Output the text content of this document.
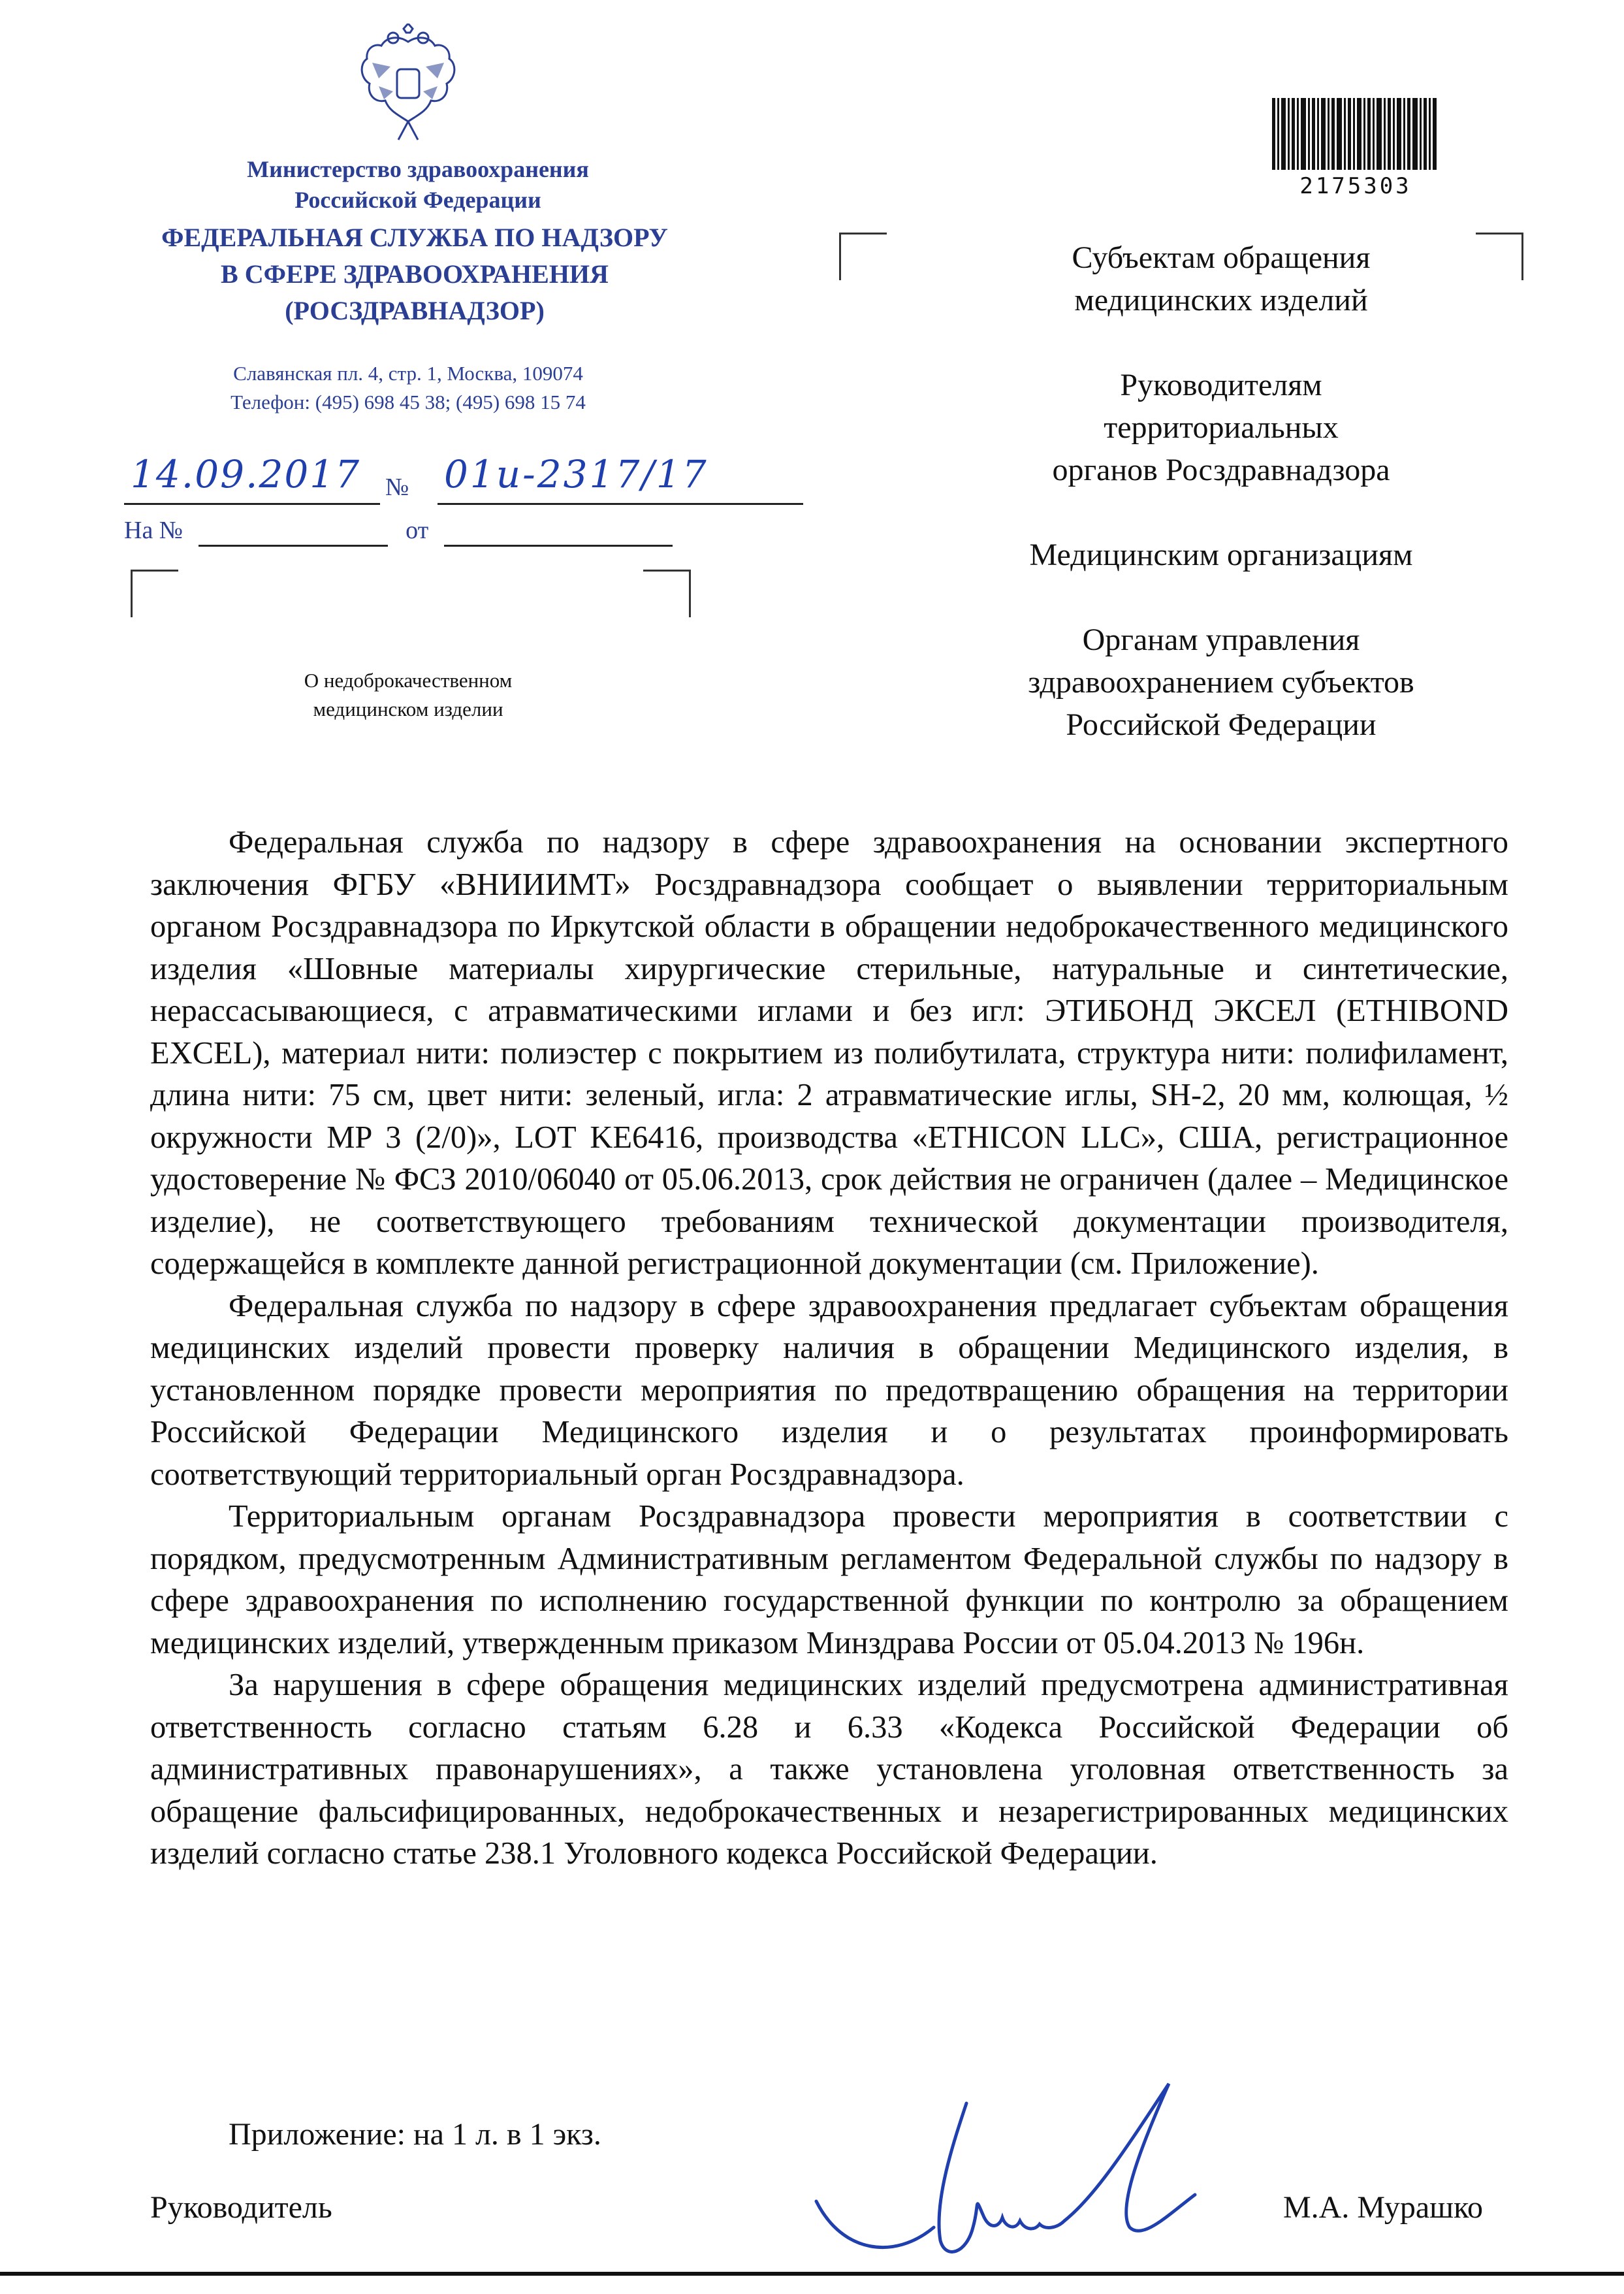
Министерство здравоохранения
Российской Федерации
ФЕДЕРАЛЬНАЯ СЛУЖБА ПО НАДЗОРУ
В СФЕРЕ ЗДРАВООХРАНЕНИЯ
(РОСЗДРАВНАДЗОР)
Славянская пл. 4, стр. 1, Москва, 109074
Телефон: (495) 698 45 38; (495) 698 15 74
14.09.2017 № 01и-2317/17
На №	от
О недоброкачественном
медицинском изделии
2175303
Субъектам обращения
медицинских изделий
Руководителям
территориальных
органов Росздравнадзора
Медицинским организациям
Органам управления
здравоохранением субъектов
Российской Федерации

Федеральная служба по надзору в сфере здравоохранения на основании экспертного заключения ФГБУ «ВНИИИМТ» Росздравнадзора сообщает о выявлении территориальным органом Росздравнадзора по Иркутской области в обращении недоброкачественного медицинского изделия «Шовные материалы хирургические стерильные, натуральные и синтетические, нерассасывающиеся, с атравматическими иглами и без игл: ЭТИБОНД ЭКСЕЛ (ETHIBOND EXCEL), материал нити: полиэстер с покрытием из полибутилата, структура нити: полифиламент, длина нити: 75 см, цвет нити: зеленый, игла: 2 атравматические иглы, SH-2, 20 мм, колющая, ½ окружности MP 3 (2/0)», LOT KE6416, производства «ETHICON LLC», США, регистрационное удостоверение № ФСЗ 2010/06040 от 05.06.2013, срок действия не ограничен (далее – Медицинское изделие), не соответствующего требованиям технической документации производителя, содержащейся в комплекте данной регистрационной документации (см. Приложение).

Федеральная служба по надзору в сфере здравоохранения предлагает субъектам обращения медицинских изделий провести проверку наличия в обращении Медицинского изделия, в установленном порядке провести мероприятия по предотвращению обращения на территории Российской Федерации Медицинского изделия и о результатах проинформировать соответствующий территориальный орган Росздравнадзора.

Территориальным органам Росздравнадзора провести мероприятия в соответствии с порядком, предусмотренным Административным регламентом Федеральной службы по надзору в сфере здравоохранения по исполнению государственной функции по контролю за обращением медицинских изделий, утвержденным приказом Минздрава России от 05.04.2013 № 196н.

За нарушения в сфере обращения медицинских изделий предусмотрена административная ответственность согласно статьям 6.28 и 6.33 «Кодекса Российской Федерации об административных правонарушениях», а также установлена уголовная ответственность за обращение фальсифицированных, недоброкачественных и незарегистрированных медицинских изделий согласно статье 238.1 Уголовного кодекса Российской Федерации.

Приложение: на 1 л. в 1 экз.
Руководитель	М.А. Мурашко
